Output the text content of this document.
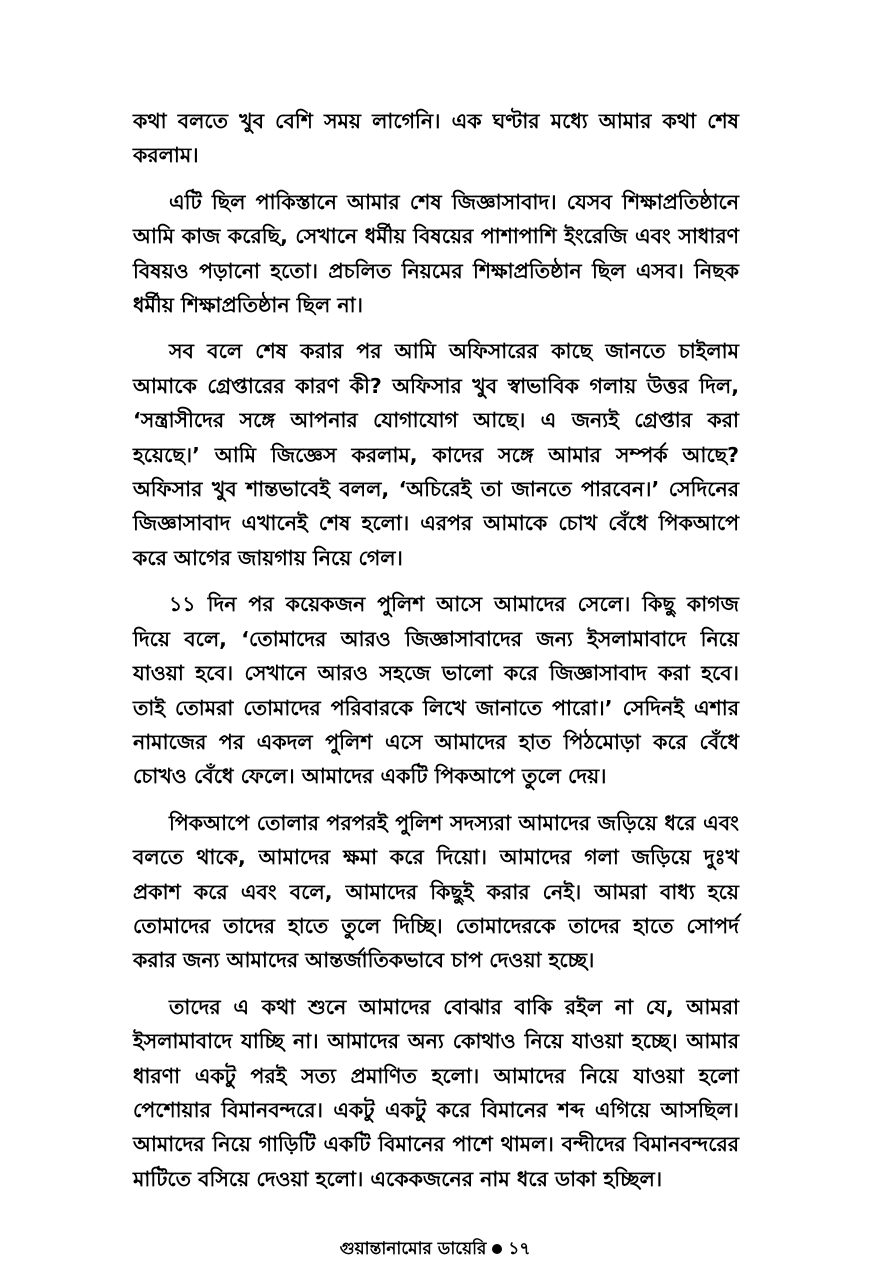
কথা বলতে খুব বেশি সময় লাগেনি। এক ঘণ্টার মধ্যে আমার কথা শেষ করলাম।

এটি ছিল পাকিস্তানে আমার শেষ জিজ্ঞাসাবাদ। যেসব শিক্ষাপ্রতিষ্ঠানে আমি কাজ করেছি, সেখানে ধর্মীয় বিষয়ের পাশাপাশি ইংরেজি এবং সাধারণ বিষয়ও পড়ানো হতো। প্রচলিত নিয়মের শিক্ষাপ্রতিষ্ঠান ছিল এসব। নিছক ধর্মীয় শিক্ষাপ্রতিষ্ঠান ছিল না।

সব বলে শেষ করার পর আমি অফিসারের কাছে জানতে চাইলাম আমাকে গ্রেপ্তারের কারণ কী? অফিসার খুব স্বাভাবিক গলায় উত্তর দিল, ‘সন্ত্রাসীদের সঙ্গে আপনার যোগাযোগ আছে। এ জন্যই গ্রেপ্তার করা হয়েছে।’ আমি জিজ্ঞেস করলাম, কাদের সঙ্গে আমার সম্পর্ক আছে? অফিসার খুব শান্তভাবেই বলল, ‘অচিরেই তা জানতে পারবেন।’ সেদিনের জিজ্ঞাসাবাদ এখানেই শেষ হলো। এরপর আমাকে চোখ বেঁধে পিকআপে করে আগের জায়গায় নিয়ে গেল।

১১ দিন পর কয়েকজন পুলিশ আসে আমাদের সেলে। কিছু কাগজ দিয়ে বলে, ‘তোমাদের আরও জিজ্ঞাসাবাদের জন্য ইসলামাবাদে নিয়ে যাওয়া হবে। সেখানে আরও সহজে ভালো করে জিজ্ঞাসাবাদ করা হবে। তাই তোমরা তোমাদের পরিবারকে লিখে জানাতে পারো।’ সেদিনই এশার নামাজের পর একদল পুলিশ এসে আমাদের হাত পিঠমোড়া করে বেঁধে চোখও বেঁধে ফেলে। আমাদের একটি পিকআপে তুলে দেয়।

পিকআপে তোলার পরপরই পুলিশ সদস্যরা আমাদের জড়িয়ে ধরে এবং বলতে থাকে, আমাদের ক্ষমা করে দিয়ো। আমাদের গলা জড়িয়ে দুঃখ প্রকাশ করে এবং বলে, আমাদের কিছুই করার নেই। আমরা বাধ্য হয়ে তোমাদের তাদের হাতে তুলে দিচ্ছি। তোমাদেরকে তাদের হাতে সোপর্দ করার জন্য আমাদের আন্তর্জাতিকভাবে চাপ দেওয়া হচ্ছে।

তাদের এ কথা শুনে আমাদের বোঝার বাকি রইল না যে, আমরা ইসলামাবাদে যাচ্ছি না। আমাদের অন্য কোথাও নিয়ে যাওয়া হচ্ছে। আমার ধারণা একটু পরই সত্য প্রমাণিত হলো। আমাদের নিয়ে যাওয়া হলো পেশোয়ার বিমানবন্দরে। একটু একটু করে বিমানের শব্দ এগিয়ে আসছিল। আমাদের নিয়ে গাড়িটি একটি বিমানের পাশে থামল। বন্দীদের বিমানবন্দরের মাটিতে বসিয়ে দেওয়া হলো। একেকজনের নাম ধরে ডাকা হচ্ছিল।

গুয়ান্তানামোর ডায়েরি ১৭
